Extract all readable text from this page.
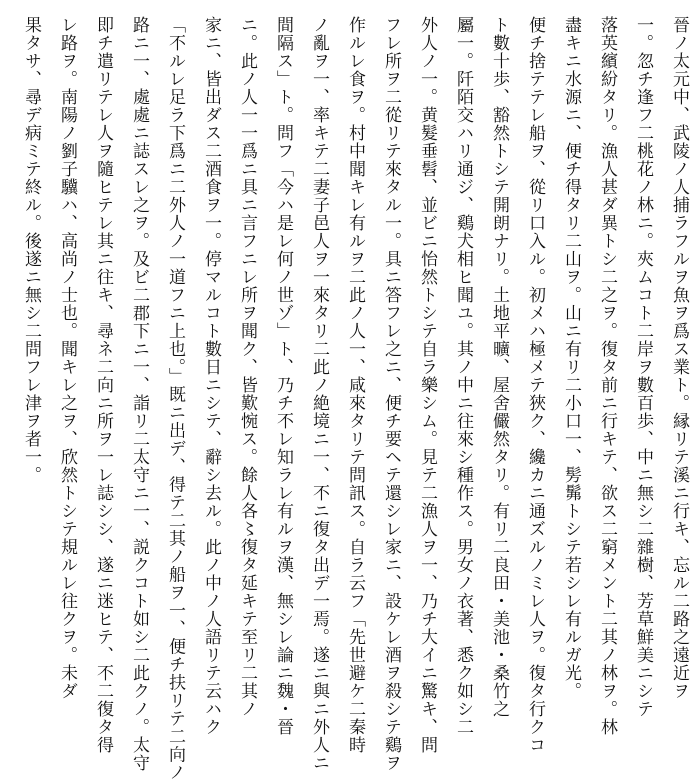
晉ノ太元中、武陵ノ人捕ラフルヲ魚ヲ爲ス業ト。縁リテ溪ニ行キ、忘ル二路之遠近ヲ
一。忽チ逢フ二桃花ノ林ニ。夾ムコト二岸ヲ數百歩、中ニ無シ二雜樹、芳草鮮美ニシテ
落英繽紛タリ。漁人甚ダ異トシ二之ヲ。復タ前ニ行キテ、欲ス二窮メント二其ノ林ヲ。林
盡キニ水源ニ、便チ得タリ二山ヲ。山ニ有リ二小口一、髣髴トシテ若シレ有ルガ光。
便チ捨テテレ船ヲ、從リ口入ル。初メハ極メテ狹ク、纔カニ通ズルノミレ人ヲ。復タ行クコ
ト數十歩、豁然トシテ開朗ナリ。土地平曠、屋舍儼然タリ。有リ二良田・美池・桑竹之
屬一。阡陌交ハリ通ジ、鷄犬相ヒ聞ユ。其ノ中ニ往來シ種作ス。男女ノ衣著、悉ク如シ二
外人ノ一。黄髮垂髫、並ビニ怡然トシテ自ラ樂シム。見テ二漁人ヲ一、乃チ大イニ驚キ、問
フレ所ヲ二從リテ來タル一。具ニ答フレ之ニ、便チ要ヘテ還シレ家ニ、設ケレ酒ヲ殺シテ鷄ヲ
作ルレ食ヲ。村中聞キレ有ルヲ二此ノ人一、咸來タリテ問訊ス。自ラ云フ「先世避ケ二秦時
ノ亂ヲ一、率キテ二妻子邑人ヲ一來タリ二此ノ絶境ニ一、不ニ復タ出デ一焉。遂ニ與ニ外人ニ
間隔ス」ト。問フ「今ハ是レ何ノ世ゾ」ト、乃チ不レ知ラレ有ルヲ漢、無シレ論ニ魏・晉
ニ。此ノ人一一爲ニ具ニ言フニレ所ヲ聞ク、皆歎惋ス。餘人各〻復タ延キテ至リ二其ノ
家ニ、皆出ダス二酒食ヲ一。停マルコト數日ニシテ、辭シ去ル。此ノ中ノ人語リテ云ハク
「不ルレ足ラ下爲ニ二外人ノ一道フニ上也。」既ニ出デ、得テ二其ノ船ヲ一、便チ扶リテ二向ノ
路ニ一、處處ニ誌スレ之ヲ。及ビ二郡下ニ一、詣リ二太守ニ一、説クコト如シ二此クノ。太守
即チ遣リテレ人ヲ隨ヒテレ其ニ往キ、尋ネ二向ニ所ヲ一レ誌シシ、遂ニ迷ヒテ、不二復タ得
レ路ヲ。南陽ノ劉子驥ハ、高尚ノ士也。聞キレ之ヲ、欣然トシテ規ルレ往クヲ。未ダ
果タサ、尋デ病ミテ終ル。後遂ニ無シ二問フレ津ヲ者一。
